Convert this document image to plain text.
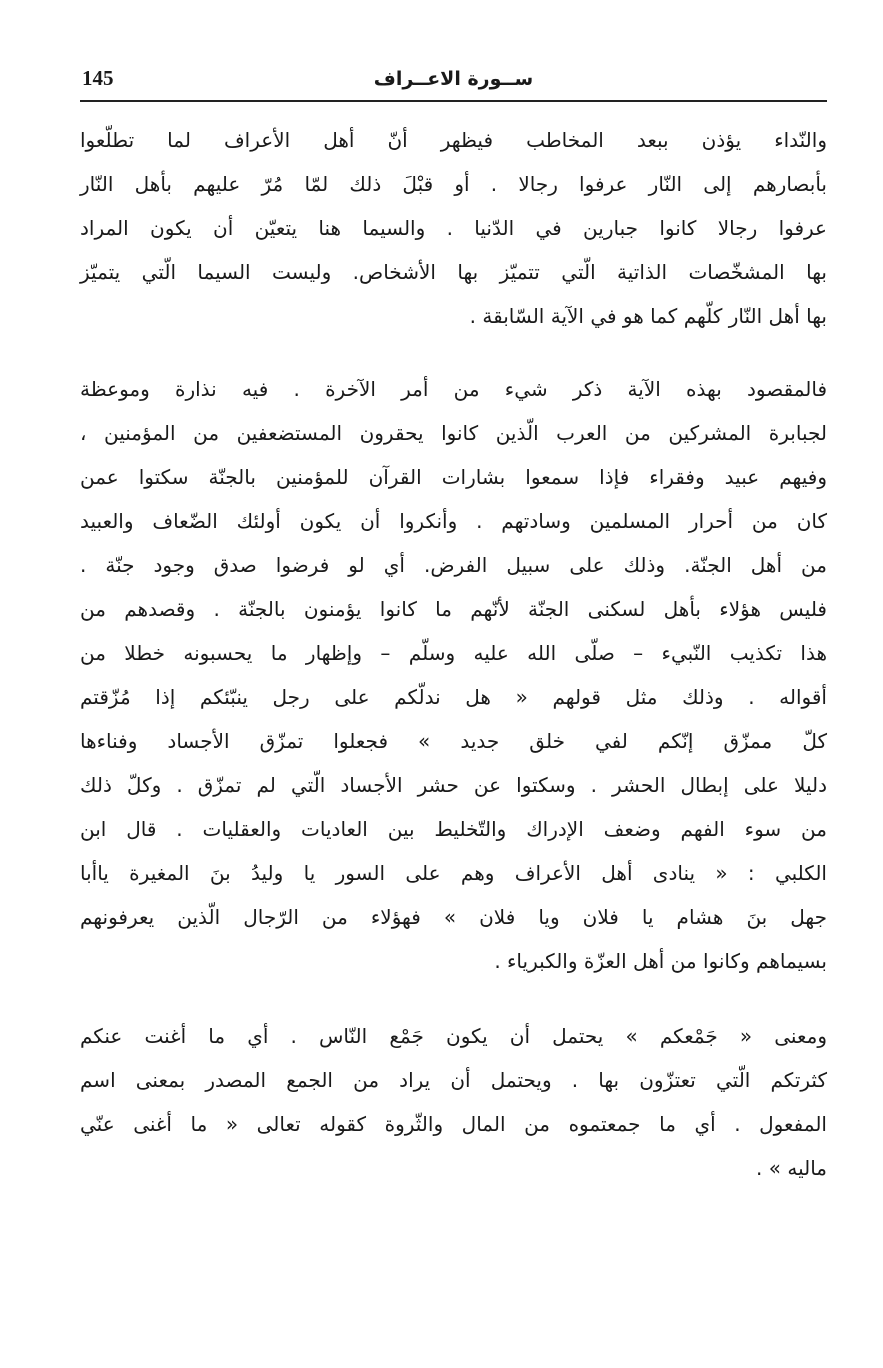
145	ســورة الاعــراف
والنّداء يؤذن ببعد المخاطب فيظهر أنّ أهل الأعراف لما تطلّعوا
بأبصارهم إلى النّار عرفوا رجالا . أو قبْلَ ذلك لمّا مُرّ عليهم بأهل النّار
عرفوا رجالا كانوا جبارين في الدّنيا . والسيما هنا يتعيّن أن يكون المراد
بها المشخّصات الذاتية الّتي تتميّز بها الأشخاص. وليست السيما الّتي يتميّز
بها أهل النّار كلّهم كما هو في الآية السّابقة .
فالمقصود بهذه الآية ذكر شيء من أمر الآخرة . فيه نذارة وموعظة
لجبابرة المشركين من العرب الّذين كانوا يحقرون المستضعفين من المؤمنين ،
وفيهم عبيد وفقراء فإذا سمعوا بشارات القرآن للمؤمنين بالجنّة سكتوا عمن
كان من أحرار المسلمين وسادتهم . وأنكروا أن يكون أولئك الضّعاف والعبيد
من أهل الجنّة. وذلك على سبيل الفرض. أي لو فرضوا صدق وجود جنّة .
فليس هؤلاء بأهل لسكنى الجنّة لأنّهم ما كانوا يؤمنون بالجنّة . وقصدهم من
هذا تكذيب النّبيء – صلّى الله عليه وسلّم – وإظهار ما يحسبونه خطلا من
أقواله . وذلك مثل قولهم « هل ندلّكم على رجل ينبّئكم إذا مُزّقتم
كلّ ممزّق إنّكم لفي خلق جديد » فجعلوا تمزّق الأجساد وفناءها
دليلا على إبطال الحشر . وسكتوا عن حشر الأجساد الّتي لم تمزّق . وكلّ ذلك
من سوء الفهم وضعف الإدراك والتّخليط بين العاديات والعقليات . قال ابن
الكلبي : « ينادى أهل الأعراف وهم على السور يا وليدُ بنَ المغيرة ياأبا
جهل بنَ هشام يا فلان ويا فلان » فهؤلاء من الرّجال الّذين يعرفونهم
بسيماهم وكانوا من أهل العزّة والكبرياء .
ومعنى « جَمْعكم » يحتمل أن يكون جَمْع النّاس . أي ما أغنت عنكم
كثرتكم الّتي تعتزّون بها . ويحتمل أن يراد من الجمع المصدر بمعنى اسم
المفعول . أي ما جمعتموه من المال والثّروة كقوله تعالى « ما أغنى عنّي
ماليه » .
